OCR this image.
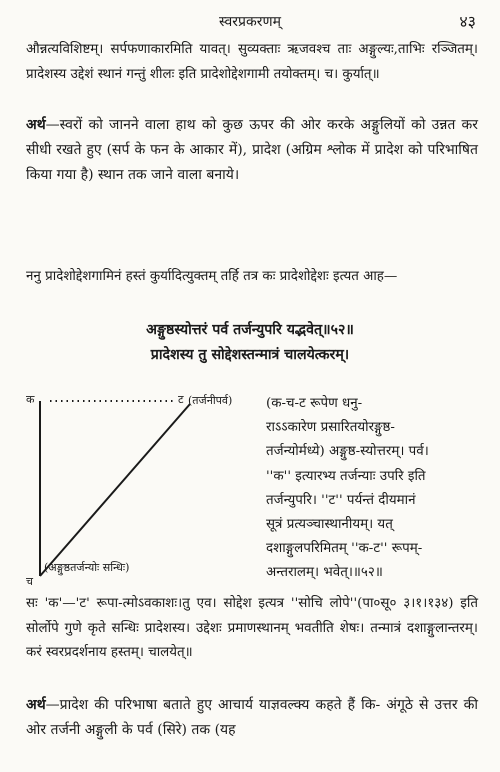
स्वरप्रकरणम्	४३

औन्नत्यविशिष्टम्। सर्पफणाकारमिति यावत्। सुव्यक्ताः ऋजवश्च ताः अङ्गुल्यः,ताभिः रञ्जितम्। प्रादेशस्य उद्देशं स्थानं गन्तुं शीलः इति प्रादेशोद्देशगामी तयोक्तम्। च। कुर्यात्॥

अर्थ—स्वरों को जानने वाला हाथ को कुछ ऊपर की ओर करके अङ्गुलियों को उन्नत कर सीधी रखते हुए (सर्प के फन के आकार में), प्रादेश (अग्रिम श्लोक में प्रादेश को परिभाषित किया गया है) स्थान तक जाने वाला बनाये।

ननु प्रादेशोद्देशगामिनं हस्तं कुर्यादित्युक्तम् तर्हि तत्र कः प्रादेशोद्देशः इत्यत आह—

अङ्गुष्ठस्योत्तरं पर्व तर्जन्युपरि यद्भवेत्॥५२॥

प्रादेशस्य तु सोद्देशस्तन्मात्रं चालयेत्करम्।

क	ट (तर्जनीपर्व)
च
(अङ्गुष्ठतर्जन्योः सन्धिः)
(क-च-ट रूपेण धनु-
राऽऽकारेण प्रसारितयोरङ्गुष्ठ-
तर्जन्योर्मध्ये) अङ्गुष्ठ-स्योत्तरम्। पर्व।
''क'' इत्यारभ्य तर्जन्याः उपरि इति
तर्जन्युपरि। ''ट'' पर्यन्तं दीयमानं
सूत्रं प्रत्यञ्चास्थानीयम्। यत्
दशाङ्गुलपरिमितम् ''क-ट'' रूपम्-
अन्तरालम्। भवेत्।॥५२॥

सः 'क'—'ट' रूपा-त्मोऽवकाशः।तु एव। सोद्देश इत्यत्र ''सोचि लोपे''(पा०सू० ३।१।१३४) इति सोर्लोपे गुणे कृते सन्धिः प्रादेशस्य। उद्देशः प्रमाणस्थानम् भवतीति शेषः। तन्मात्रं दशाङ्गुलान्तरम्। करं स्वरप्रदर्शनाय हस्तम्। चालयेत्॥

अर्थ—प्रादेश की परिभाषा बताते हुए आचार्य याज्ञवल्क्य कहते हैं कि- अंगूठे से उत्तर की ओर तर्जनी अङ्गुली के पर्व (सिरे) तक (यह
